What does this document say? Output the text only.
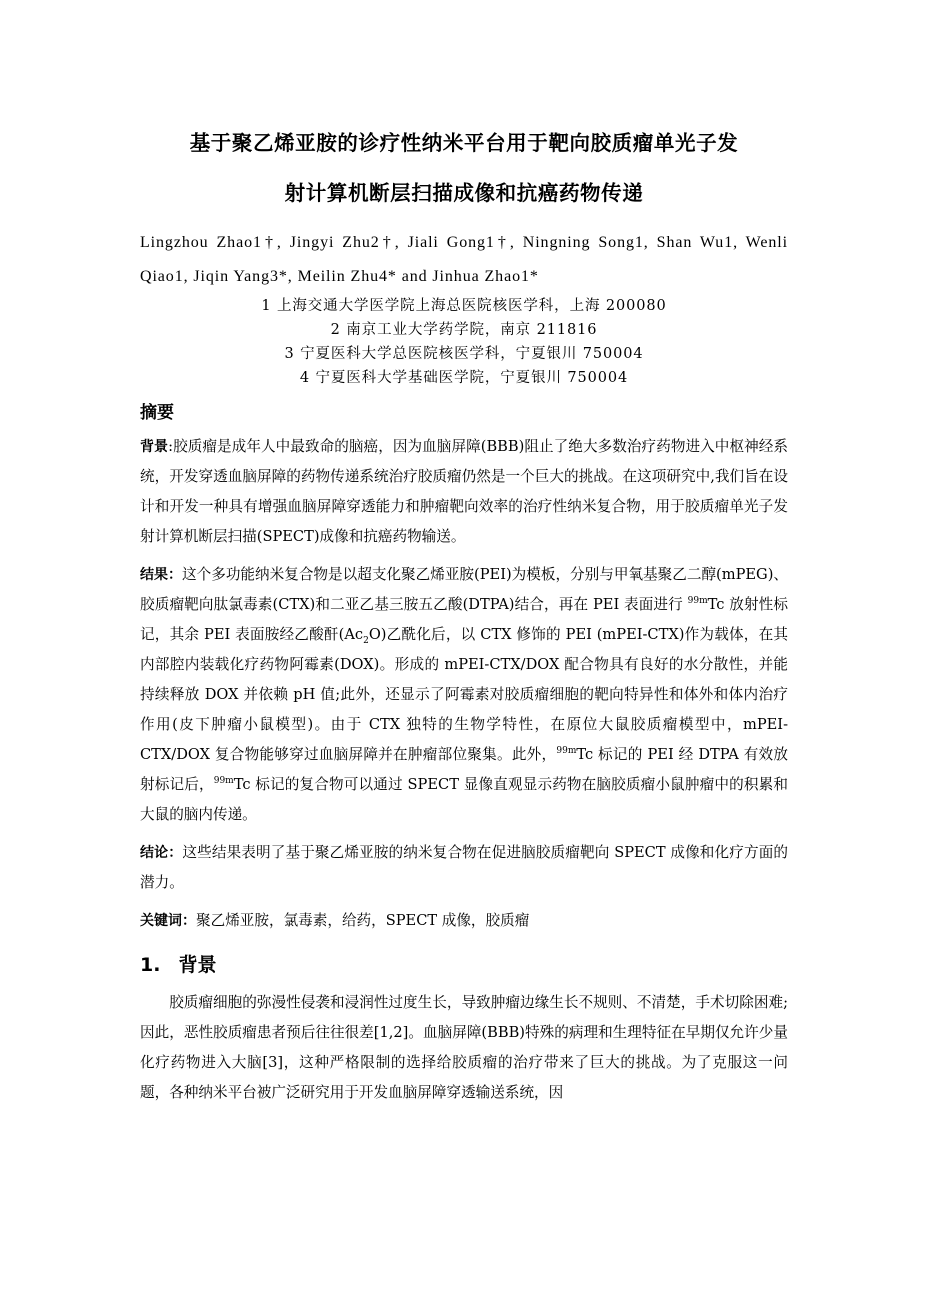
基于聚乙烯亚胺的诊疗性纳米平台用于靶向胶质瘤单光子发
射计算机断层扫描成像和抗癌药物传递
Lingzhou Zhao1†, Jingyi Zhu2†, Jiali Gong1†, Ningning Song1, Shan Wu1, Wenli Qiao1, Jiqin Yang3*, Meilin Zhu4* and Jinhua Zhao1*
1 上海交通大学医学院上海总医院核医学科，上海 200080
2 南京工业大学药学院，南京 211816
3 宁夏医科大学总医院核医学科，宁夏银川 750004
4 宁夏医科大学基础医学院，宁夏银川 750004
摘要

背景:胶质瘤是成年人中最致命的脑癌，因为血脑屏障(BBB)阻止了绝大多数治疗药物进入中枢神经系统，开发穿透血脑屏障的药物传递系统治疗胶质瘤仍然是一个巨大的挑战。在这项研究中,我们旨在设计和开发一种具有增强血脑屏障穿透能力和肿瘤靶向效率的治疗性纳米复合物，用于胶质瘤单光子发射计算机断层扫描(SPECT)成像和抗癌药物输送。

结果：这个多功能纳米复合物是以超支化聚乙烯亚胺(PEI)为模板，分别与甲氧基聚乙二醇(mPEG)、胶质瘤靶向肽氯毒素(CTX)和二亚乙基三胺五乙酸(DTPA)结合，再在 PEI 表面进行 $^{99m}$Tc 放射性标记，其余 PEI 表面胺经乙酸酐$(Ac_2O)$乙酰化后，以 CTX 修饰的 PEI (mPEI-CTX)作为载体，在其内部腔内装载化疗药物阿霉素(DOX)。形成的 mPEI-CTX/DOX 配合物具有良好的水分散性，并能持续释放 DOX 并依赖 pH 值;此外，还显示了阿霉素对胶质瘤细胞的靶向特异性和体外和体内治疗作用(皮下肿瘤小鼠模型)。由于 CTX 独特的生物学特性，在原位大鼠胶质瘤模型中，mPEI-CTX/DOX 复合物能够穿过血脑屏障并在肿瘤部位聚集。此外，$^{99m}$Tc 标记的 PEI 经 DTPA 有效放射标记后，$^{99m}$Tc 标记的复合物可以通过 SPECT 显像直观显示药物在脑胶质瘤小鼠肿瘤中的积累和大鼠的脑内传递。

结论：这些结果表明了基于聚乙烯亚胺的纳米复合物在促进脑胶质瘤靶向 SPECT 成像和化疗方面的潜力。

关键词：聚乙烯亚胺，氯毒素，给药，SPECT 成像，胶质瘤

1. 背景

胶质瘤细胞的弥漫性侵袭和浸润性过度生长，导致肿瘤边缘生长不规则、不清楚，手术切除困难;因此，恶性胶质瘤患者预后往往很差[1,2]。血脑屏障(BBB)特殊的病理和生理特征在早期仅允许少量化疗药物进入大脑[3]，这种严格限制的选择给胶质瘤的治疗带来了巨大的挑战。为了克服这一问题，各种纳米平台被广泛研究用于开发血脑屏障穿透输送系统，因
